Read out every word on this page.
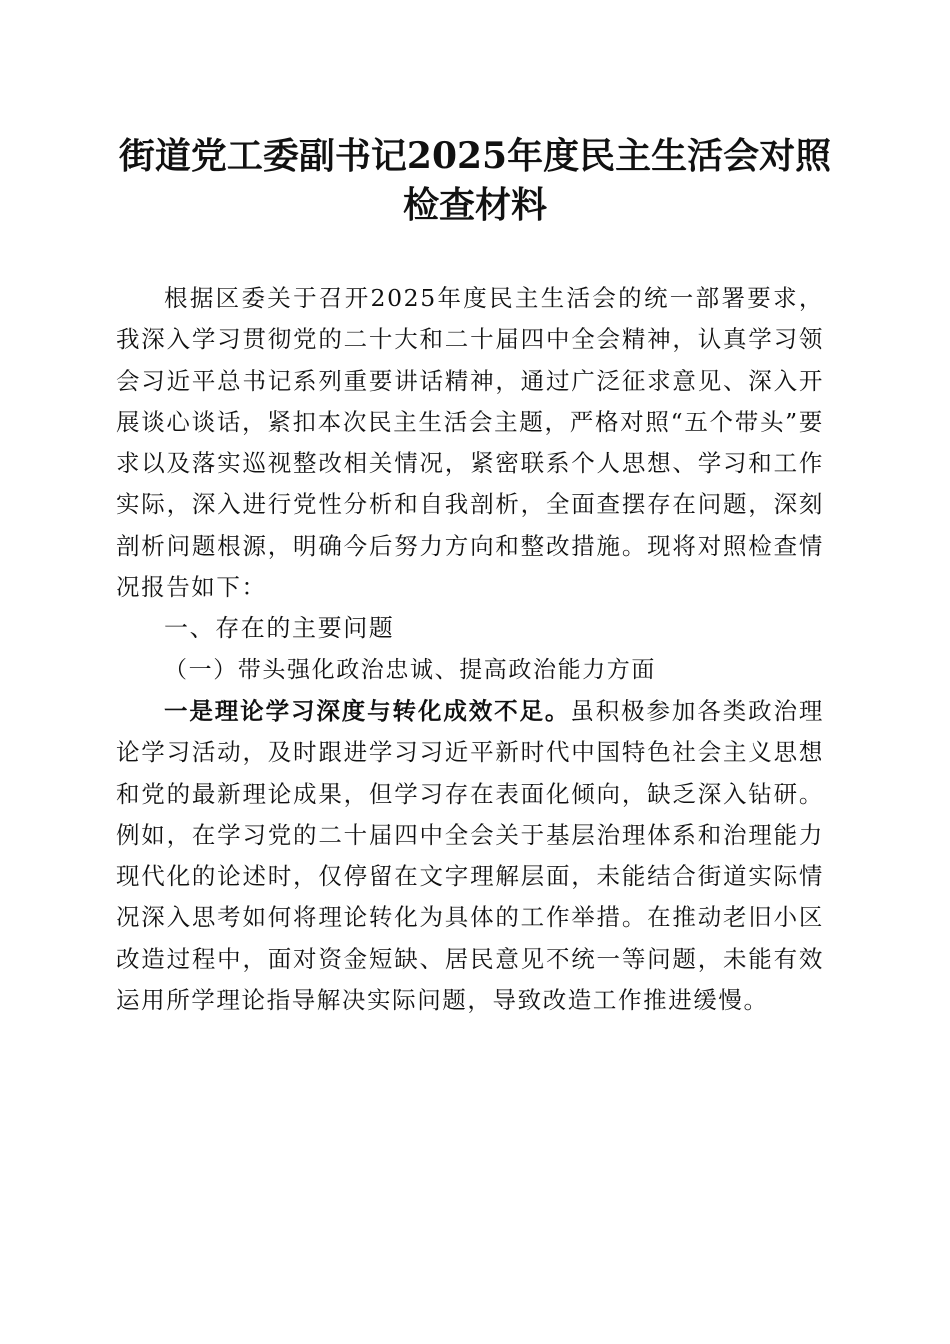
街道党工委副书记2025年度民主生活会对照检查材料

根据区委关于召开2025年度民主生活会的统一部署要求，我深入学习贯彻党的二十大和二十届四中全会精神，认真学习领会习近平总书记系列重要讲话精神，通过广泛征求意见、深入开展谈心谈话，紧扣本次民主生活会主题，严格对照“五个带头”要求以及落实巡视整改相关情况，紧密联系个人思想、学习和工作实际，深入进行党性分析和自我剖析，全面查摆存在问题，深刻剖析问题根源，明确今后努力方向和整改措施。现将对照检查情况报告如下：

一、存在的主要问题

（一）带头强化政治忠诚、提高政治能力方面

一是理论学习深度与转化成效不足。虽积极参加各类政治理论学习活动，及时跟进学习习近平新时代中国特色社会主义思想和党的最新理论成果，但学习存在表面化倾向，缺乏深入钻研。例如，在学习党的二十届四中全会关于基层治理体系和治理能力现代化的论述时，仅停留在文字理解层面，未能结合街道实际情况深入思考如何将理论转化为具体的工作举措。在推动老旧小区改造过程中，面对资金短缺、居民意见不统一等问题，未能有效运用所学理论指导解决实际问题，导致改造工作推进缓慢。
